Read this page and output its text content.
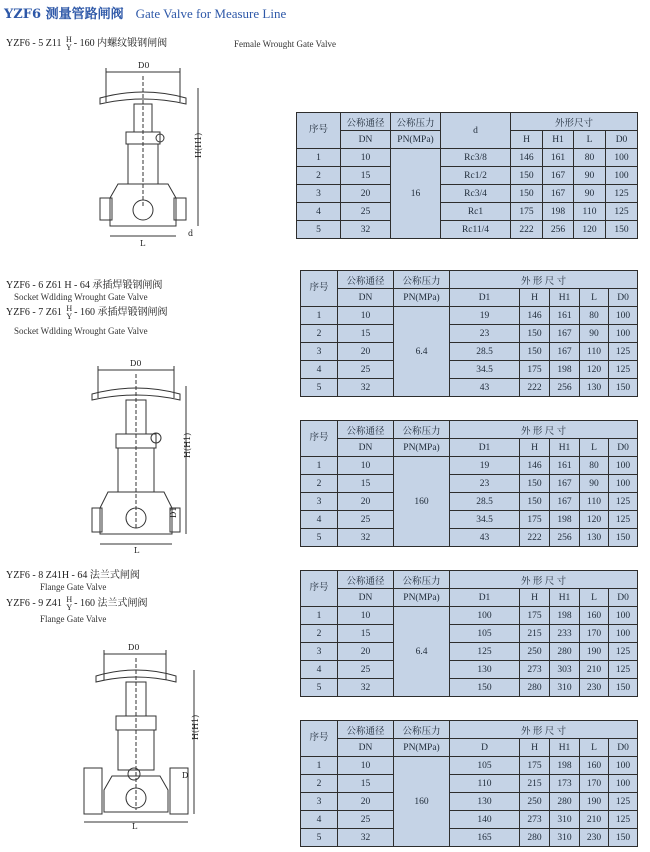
YZF6 测量管路闸阀 Gate Valve for Measure Line
YZF6 - 5 Z11 H
Y - 160 内螺纹锻钢闸阀	Female Wrought Gate Valve
D0
H(H1)
L
d
序号	公称通径	公称压力	d	外形尺寸			
	DN	PN(MPa)		H	H1	L	D0
1	10	16	Rc3/8	146	161	80	100
2	15		Rc1/2	150	167	90	100
3	20		Rc3/4	150	167	90	125
4	25		Rc1	175	198	110	125
5	32		Rc11/4	222	256	120	150
YZF6 - 6 Z61 H - 64 承插焊锻钢闸阀
Socket Wdlding Wrought Gate Valve
YZF6 - 7 Z61 H
Y - 160 承插焊锻钢闸阀
Socket Wdlding Wrought Gate Valve
D0
H(H1)
L
D1
序号	公称通径	公称压力	外 形 尺 寸				
	DN	PN(MPa)	D1	H	H1	L	D0
1	10	6.4	19	146	161	80	100
2	15		23	150	167	90	100
3	20		28.5	150	167	110	125
4	25		34.5	175	198	120	125
5	32		43	222	256	130	150
序号	公称通径	公称压力	外 形 尺 寸				
	DN	PN(MPa)	D1	H	H1	L	D0
1	10	160	19	146	161	80	100
2	15		23	150	167	90	100
3	20		28.5	150	167	110	125
4	25		34.5	175	198	120	125
5	32		43	222	256	130	150
YZF6 - 8 Z41H - 64 法兰式闸阀
Flange Gate Valve
YZF6 - 9 Z41 H
Y - 160 法兰式闸阀
Flange Gate Valve
D0
H(H1)
L
D
序号	公称通径	公称压力	外 形 尺 寸				
	DN	PN(MPa)	D1	H	H1	L	D0
1	10	6.4	100	175	198	160	100
2	15		105	215	233	170	100
3	20		125	250	280	190	125
4	25		130	273	303	210	125
5	32		150	280	310	230	150
序号	公称通径	公称压力	外 形 尺 寸				
	DN	PN(MPa)	D	H	H1	L	D0
1	10	160	105	175	198	160	100
2	15		110	215	173	170	100
3	20		130	250	280	190	125
4	25		140	273	310	210	125
5	32		165	280	310	230	150
